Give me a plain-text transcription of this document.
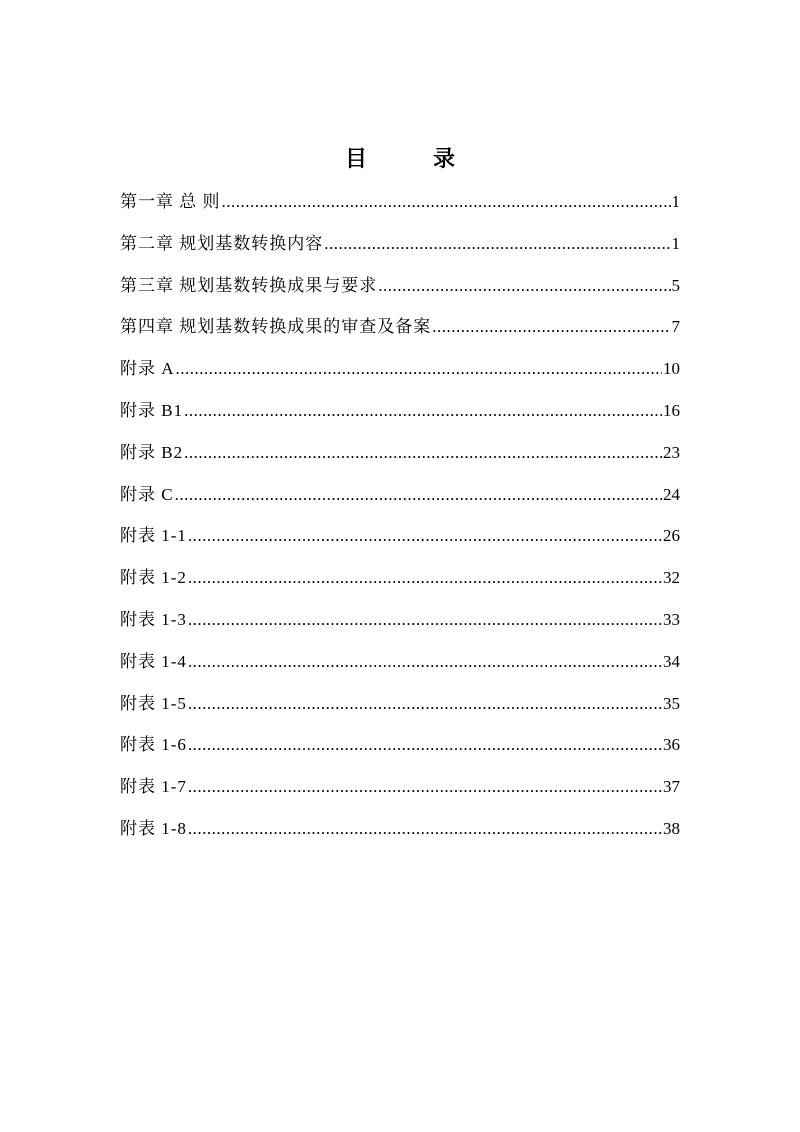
目　录
第一章 总 则 .....	1
第二章 规划基数转换内容 .....	1
第三章 规划基数转换成果与要求 .....	5
第四章 规划基数转换成果的审查及备案 .....	7
附录 A .....	10
附录 B1 .....	16
附录 B2 .....	23
附录 C .....	24
附表 1-1 .....	26
附表 1-2 .....	32
附表 1-3 .....	33
附表 1-4 .....	34
附表 1-5 .....	35
附表 1-6 .....	36
附表 1-7 .....	37
附表 1-8 .....	38
